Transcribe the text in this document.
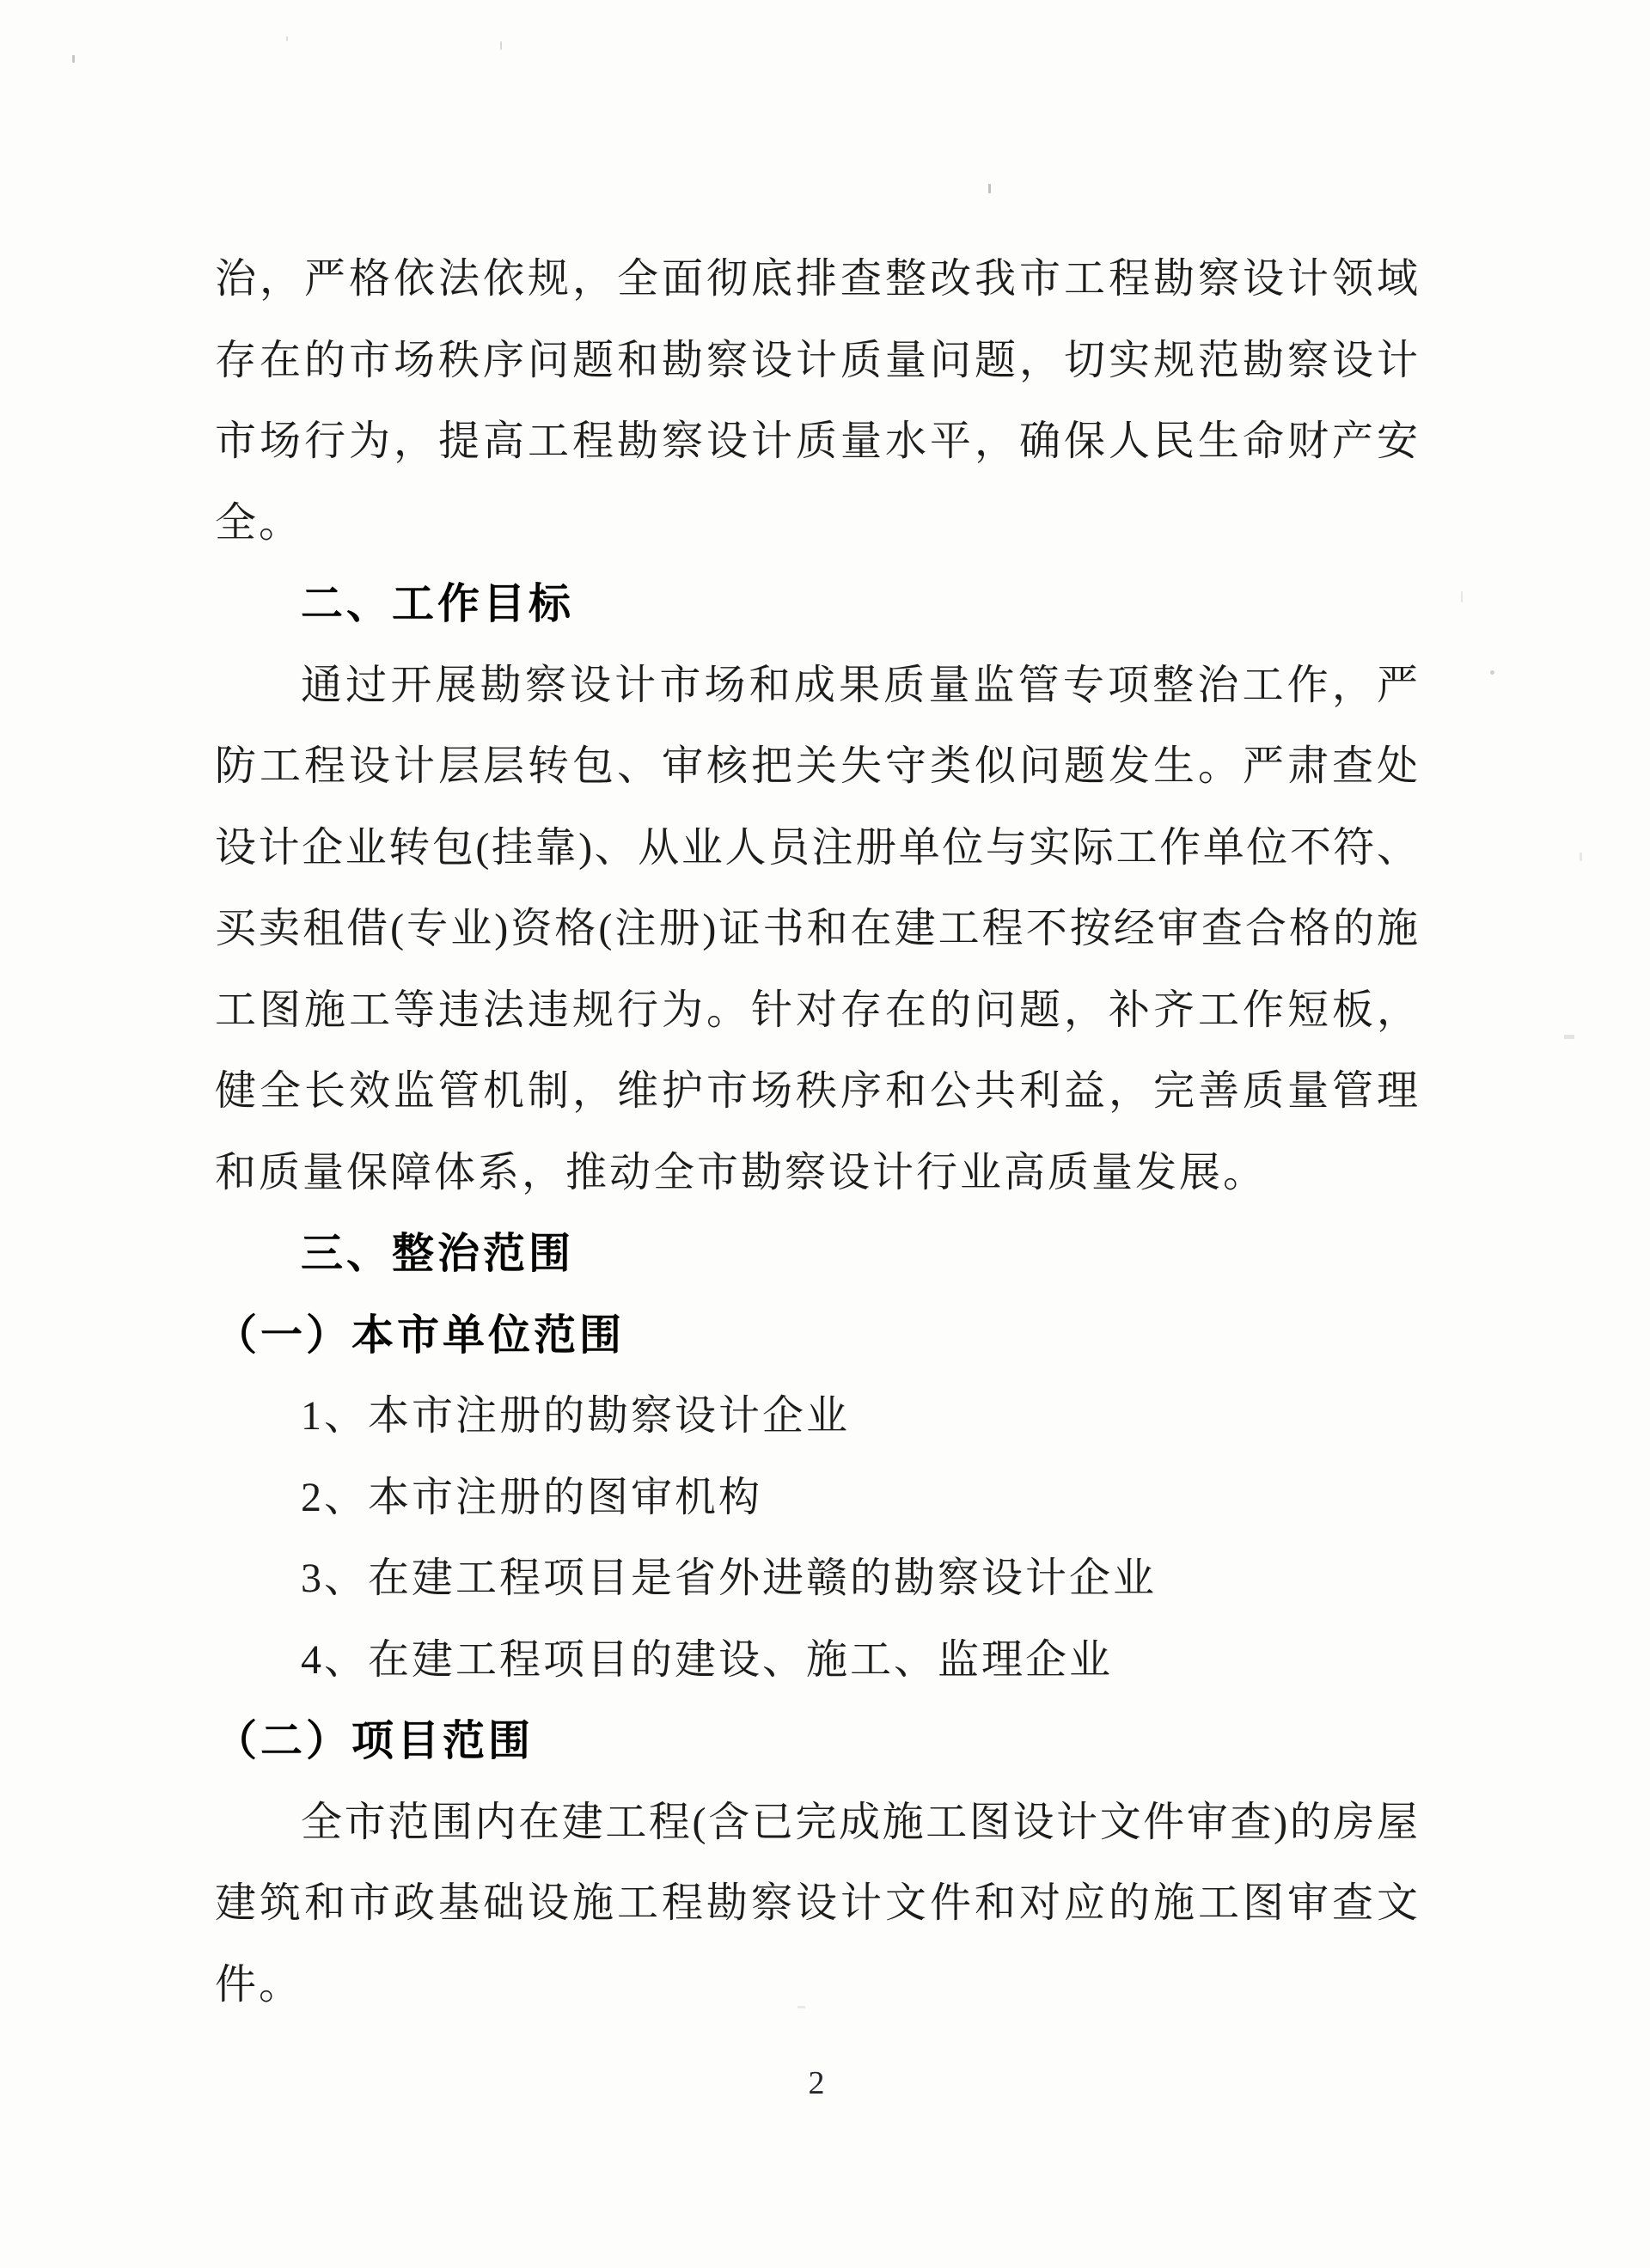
治，严格依法依规，全面彻底排查整改我市工程勘察设计领域
存在的市场秩序问题和勘察设计质量问题，切实规范勘察设计
市场行为，提高工程勘察设计质量水平，确保人民生命财产安
全。
二、工作目标
通过开展勘察设计市场和成果质量监管专项整治工作，严
防工程设计层层转包、审核把关失守类似问题发生。严肃查处
设计企业转包(挂靠)、从业人员注册单位与实际工作单位不符、
买卖租借(专业)资格(注册)证书和在建工程不按经审查合格的施
工图施工等违法违规行为。针对存在的问题，补齐工作短板，
健全长效监管机制，维护市场秩序和公共利益，完善质量管理
和质量保障体系，推动全市勘察设计行业高质量发展。
三、整治范围
（一）本市单位范围
1、本市注册的勘察设计企业
2、本市注册的图审机构
3、在建工程项目是省外进赣的勘察设计企业
4、在建工程项目的建设、施工、监理企业
（二）项目范围
全市范围内在建工程(含已完成施工图设计文件审查)的房屋
建筑和市政基础设施工程勘察设计文件和对应的施工图审查文
件。
2
